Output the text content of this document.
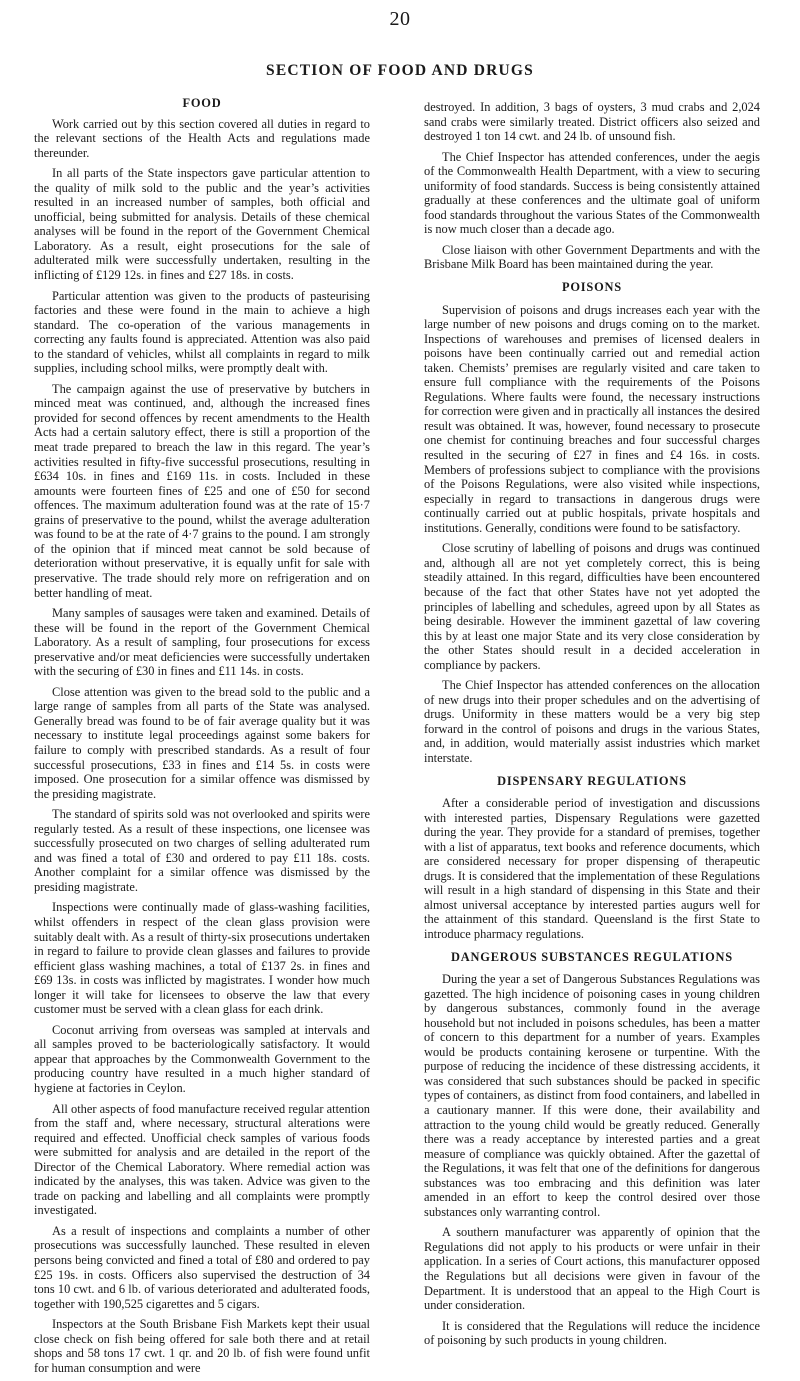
20
SECTION OF FOOD AND DRUGS
FOOD

Work carried out by this section covered all duties in regard to the relevant sections of the Health Acts and regulations made thereunder.

In all parts of the State inspectors gave particular attention to the quality of milk sold to the public and the year’s activities resulted in an increased number of samples, both official and unofficial, being submitted for analysis. Details of these chemical analyses will be found in the report of the Government Chemical Laboratory. As a result, eight prosecutions for the sale of adulterated milk were successfully undertaken, resulting in the inflicting of £129 12s. in fines and £27 18s. in costs.

Particular attention was given to the products of pasteurising factories and these were found in the main to achieve a high standard. The co-operation of the various managements in correcting any faults found is appreciated. Attention was also paid to the standard of vehicles, whilst all complaints in regard to milk supplies, including school milks, were promptly dealt with.

The campaign against the use of preservative by butchers in minced meat was continued, and, although the increased fines provided for second offences by recent amendments to the Health Acts had a certain salutory effect, there is still a proportion of the meat trade prepared to breach the law in this regard. The year’s activities resulted in fifty-five successful prosecutions, resulting in £634 10s. in fines and £169 11s. in costs. Included in these amounts were fourteen fines of £25 and one of £50 for second offences. The maximum adulteration found was at the rate of 15·7 grains of preservative to the pound, whilst the average adulteration was found to be at the rate of 4·7 grains to the pound. I am strongly of the opinion that if minced meat cannot be sold because of deterioration without preservative, it is equally unfit for sale with preservative. The trade should rely more on refrigeration and on better handling of meat.

Many samples of sausages were taken and examined. Details of these will be found in the report of the Government Chemical Laboratory. As a result of sampling, four prosecutions for excess preservative and/or meat deficiencies were successfully undertaken with the securing of £30 in fines and £11 14s. in costs.

Close attention was given to the bread sold to the public and a large range of samples from all parts of the State was analysed. Generally bread was found to be of fair average quality but it was necessary to institute legal proceedings against some bakers for failure to comply with prescribed standards. As a result of four successful prosecutions, £33 in fines and £14 5s. in costs were imposed. One prosecution for a similar offence was dismissed by the presiding magistrate.

The standard of spirits sold was not overlooked and spirits were regularly tested. As a result of these inspections, one licensee was successfully prosecuted on two charges of selling adulterated rum and was fined a total of £30 and ordered to pay £11 18s. costs. Another complaint for a similar offence was dismissed by the presiding magistrate.

Inspections were continually made of glass-washing facilities, whilst offenders in respect of the clean glass provision were suitably dealt with. As a result of thirty-six prosecutions undertaken in regard to failure to provide clean glasses and failures to provide efficient glass washing machines, a total of £137 2s. in fines and £69 13s. in costs was inflicted by magistrates. I wonder how much longer it will take for licensees to observe the law that every customer must be served with a clean glass for each drink.

Coconut arriving from overseas was sampled at intervals and all samples proved to be bacteriologically satisfactory. It would appear that approaches by the Commonwealth Government to the producing country have resulted in a much higher standard of hygiene at factories in Ceylon.

All other aspects of food manufacture received regular attention from the staff and, where necessary, structural alterations were required and effected. Unofficial check samples of various foods were submitted for analysis and are detailed in the report of the Director of the Chemical Laboratory. Where remedial action was indicated by the analyses, this was taken. Advice was given to the trade on packing and labelling and all complaints were promptly investigated.

As a result of inspections and complaints a number of other prosecutions was successfully launched. These resulted in eleven persons being convicted and fined a total of £80 and ordered to pay £25 19s. in costs. Officers also supervised the destruction of 34 tons 10 cwt. and 6 lb. of various deteriorated and adulterated foods, together with 190,525 cigarettes and 5 cigars.

Inspectors at the South Brisbane Fish Markets kept their usual close check on fish being offered for sale both there and at retail shops and 58 tons 17 cwt. 1 qr. and 20 lb. of fish were found unfit for human consumption and were

destroyed. In addition, 3 bags of oysters, 3 mud crabs and 2,024 sand crabs were similarly treated. District officers also seized and destroyed 1 ton 14 cwt. and 24 lb. of unsound fish.

The Chief Inspector has attended conferences, under the aegis of the Commonwealth Health Department, with a view to securing uniformity of food standards. Success is being consistently attained gradually at these conferences and the ultimate goal of uniform food standards throughout the various States of the Commonwealth is now much closer than a decade ago.

Close liaison with other Government Departments and with the Brisbane Milk Board has been maintained during the year.

POISONS

Supervision of poisons and drugs increases each year with the large number of new poisons and drugs coming on to the market. Inspections of warehouses and premises of licensed dealers in poisons have been continually carried out and remedial action taken. Chemists’ premises are regularly visited and care taken to ensure full compliance with the requirements of the Poisons Regulations. Where faults were found, the necessary instructions for correction were given and in practically all instances the desired result was obtained. It was, however, found necessary to prosecute one chemist for continuing breaches and four successful charges resulted in the securing of £27 in fines and £4 16s. in costs. Members of professions subject to compliance with the provisions of the Poisons Regulations, were also visited while inspections, especially in regard to transactions in dangerous drugs were continually carried out at public hospitals, private hospitals and institutions. Generally, conditions were found to be satisfactory.

Close scrutiny of labelling of poisons and drugs was continued and, although all are not yet completely correct, this is being steadily attained. In this regard, difficulties have been encountered because of the fact that other States have not yet adopted the principles of labelling and schedules, agreed upon by all States as being desirable. However the imminent gazettal of law covering this by at least one major State and its very close consideration by the other States should result in a decided acceleration in compliance by packers.

The Chief Inspector has attended conferences on the allocation of new drugs into their proper schedules and on the advertising of drugs. Uniformity in these matters would be a very big step forward in the control of poisons and drugs in the various States, and, in addition, would materially assist industries which market interstate.

DISPENSARY REGULATIONS

After a considerable period of investigation and discussions with interested parties, Dispensary Regulations were gazetted during the year. They provide for a standard of premises, together with a list of apparatus, text books and reference documents, which are considered necessary for proper dispensing of therapeutic drugs. It is considered that the implementation of these Regulations will result in a high standard of dispensing in this State and their almost universal acceptance by interested parties augurs well for the attainment of this standard. Queensland is the first State to introduce pharmacy regulations.

DANGEROUS SUBSTANCES REGULATIONS

During the year a set of Dangerous Substances Regulations was gazetted. The high incidence of poisoning cases in young children by dangerous substances, commonly found in the average household but not included in poisons schedules, has been a matter of concern to this department for a number of years. Examples would be products containing kerosene or turpentine. With the purpose of reducing the incidence of these distressing accidents, it was considered that such substances should be packed in specific types of containers, as distinct from food containers, and labelled in a cautionary manner. If this were done, their availability and attraction to the young child would be greatly reduced. Generally there was a ready acceptance by interested parties and a great measure of compliance was quickly obtained. After the gazettal of the Regulations, it was felt that one of the definitions for dangerous substances was too embracing and this definition was later amended in an effort to keep the control desired over those substances only warranting control.

A southern manufacturer was apparently of opinion that the Regulations did not apply to his products or were unfair in their application. In a series of Court actions, this manufacturer opposed the Regulations but all decisions were given in favour of the Department. It is understood that an appeal to the High Court is under consideration.

It is considered that the Regulations will reduce the incidence of poisoning by such products in young children.
